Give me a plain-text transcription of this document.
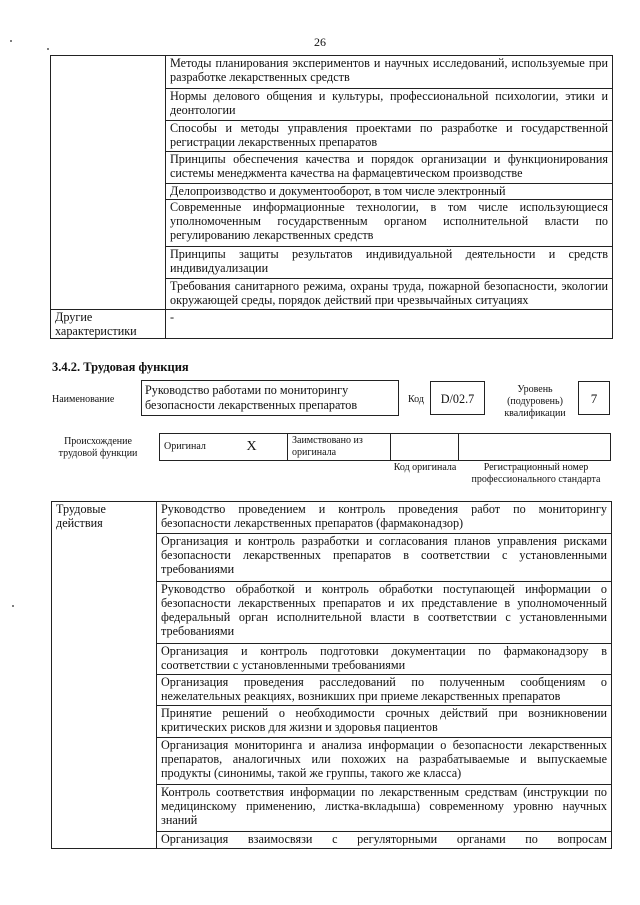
26
	Методы планирования экспериментов и научных исследований, используемые при разработке лекарственных средств
	Нормы делового общения и культуры, профессиональной психологии, этики и деонтологии
	Способы и методы управления проектами по разработке и государственной регистрации лекарственных препаратов
	Принципы обеспечения качества и порядок организации и функционирования системы менеджмента качества на фармацевтическом производстве
	Делопроизводство и документооборот, в том числе электронный
	Современные информационные технологии, в том числе использующиеся уполномоченным государственным органом исполнительной власти по регулированию лекарственных средств
	Принципы защиты результатов индивидуальной деятельности и средств индивидуализации
	Требования санитарного режима, охраны труда, пожарной безопасности, экологии окружающей среды, порядок действий при чрезвычайных ситуациях
Другие характеристики	-
3.4.2. Трудовая функция
Наименование
Руководство работами по мониторингу безопасности лекарственных препаратов	Код	D/02.7
Уровень (подуровень) квалификации
7
Происхождение трудовой функции
Оригинал	X	Заимствовано из оригинала		
Код оригинала	Регистрационный номер профессионального стандарта
Трудовые действия	Руководство проведением и контроль проведения работ по мониторингу безопасности лекарственных препаратов (фармаконадзор)
Организация и контроль разработки и согласования планов управления рисками безопасности лекарственных препаратов в соответствии с установленными требованиями
Руководство обработкой и контроль обработки поступающей информации о безопасности лекарственных препаратов и их представление в уполномоченный федеральный орган исполнительной власти в соответствии с установленными требованиями
Организация и контроль подготовки документации по фармаконадзору в соответствии с установленными требованиями
Организация проведения расследований по полученным сообщениям о нежелательных реакциях, возникших при приеме лекарственных препаратов
Принятие решений о необходимости срочных действий при возникновении критических рисков для жизни и здоровья пациентов
Организация мониторинга и анализа информации о безопасности лекарственных препаратов, аналогичных или похожих на разрабатываемые и выпускаемые продукты (синонимы, такой же группы, такого же класса)
Контроль соответствия информации по лекарственным средствам (инструкции по медицинскому применению, листка-вкладыша) современному уровню научных знаний
Организация взаимосвязи с регуляторными органами по вопросам
